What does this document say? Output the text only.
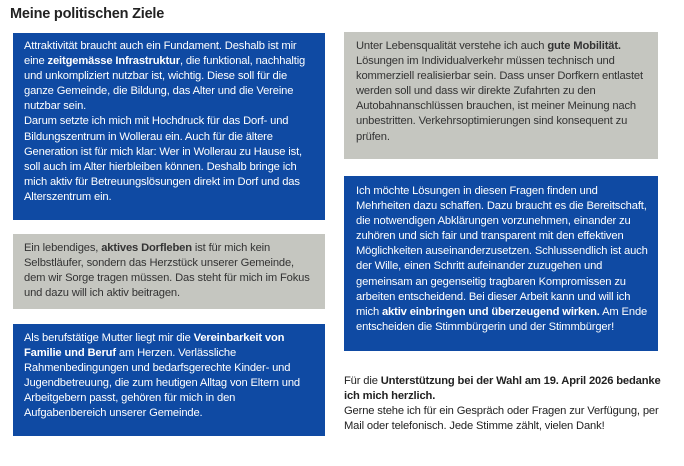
Meine politischen Ziele

Attraktivität braucht auch ein Fundament. Deshalb ist mir eine zeitgemässe Infrastruktur, die funktional, nachhaltig und unkompliziert nutzbar ist, wichtig. Diese soll für die ganze Gemeinde, die Bildung, das Alter und die Vereine nutzbar sein.

Darum setzte ich mich mit Hochdruck für das Dorf- und Bildungszentrum in Wollerau ein. Auch für die ältere Generation ist für mich klar: Wer in Wollerau zu Hause ist, soll auch im Alter hierbleiben können. Deshalb bringe ich mich aktiv für Betreuungslösungen direkt im Dorf und das Alterszentrum ein.

Ein lebendiges, aktives Dorfleben ist für mich kein Selbstläufer, sondern das Herzstück unserer Gemeinde, dem wir Sorge tragen müssen. Das steht für mich im Fokus und dazu will ich aktiv beitragen.

Als berufstätige Mutter liegt mir die Vereinbarkeit von Familie und Beruf am Herzen. Verlässliche Rahmenbedingungen und bedarfsgerechte Kinder- und Jugendbetreuung, die zum heutigen Alltag von Eltern und Arbeitgebern passt, gehören für mich in den Aufgabenbereich unserer Gemeinde.

Unter Lebensqualität verstehe ich auch gute Mobilität. Lösungen im Individualverkehr müssen technisch und kommerziell realisierbar sein. Dass unser Dorfkern entlastet werden soll und dass wir direkte Zufahrten zu den Autobahnanschlüssen brauchen, ist meiner Meinung nach unbestritten. Verkehrsoptimierungen sind konsequent zu prüfen.

Ich möchte Lösungen in diesen Fragen finden und Mehrheiten dazu schaffen. Dazu braucht es die Bereitschaft, die notwendigen Abklärungen vorzunehmen, einander zu zuhören und sich fair und transparent mit den effektiven Möglichkeiten auseinanderzusetzen. Schlussendlich ist auch der Wille, einen Schritt aufeinander zuzugehen und gemeinsam an gegenseitig tragbaren Kompromissen zu arbeiten entscheidend. Bei dieser Arbeit kann und will ich mich aktiv einbringen und überzeugend wirken. Am Ende entscheiden die Stimmbürgerin und der Stimmbürger!

Für die Unterstützung bei der Wahl am 19. April 2026 bedanke ich mich herzlich.

Gerne stehe ich für ein Gespräch oder Fragen zur Verfügung, per Mail oder telefonisch. Jede Stimme zählt, vielen Dank!
